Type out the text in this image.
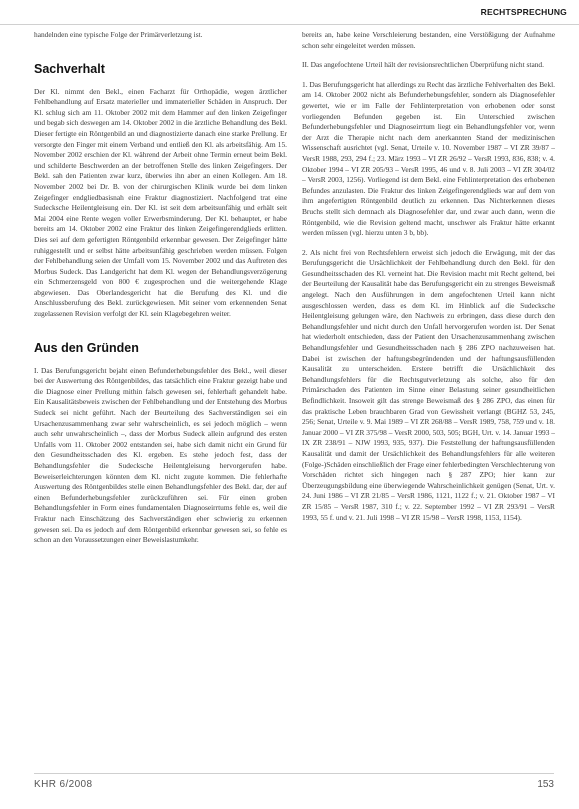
RECHTSPRECHUNG

handelnden eine typische Folge der Primärverletzung ist.

Sachverhalt

Der Kl. nimmt den Bekl., einen Facharzt für Orthopädie, wegen ärztlicher Fehlbehandlung auf Ersatz materieller und immaterieller Schäden in Anspruch. Der Kl. schlug sich am 11. Oktober 2002 mit dem Hammer auf den linken Zeigefinger und begab sich deswegen am 14. Oktober 2002 in die ärztliche Behandlung des Bekl. Dieser fertigte ein Röntgenbild an und diagnostizierte danach eine starke Prellung. Er versorgte den Finger mit einem Verband und entließ den Kl. als arbeitsfähig. Am 15. November 2002 erschien der Kl. während der Arbeit ohne Termin erneut beim Bekl. und schilderte Beschwerden an der betroffenen Stelle des linken Zeigefingers. Der Bekl. sah den Patienten zwar kurz, überwies ihn aber an einen Kollegen. Am 18. November 2002 bei Dr. B. von der chirurgischen Klinik wurde bei dem linken Zeigefinger endgliedbasisnah eine Fraktur diagnostiziert. Nachfolgend trat eine Sudecksche Heilentgleisung ein. Der Kl. ist seit dem arbeitsunfähig und erhält seit Mai 2004 eine Rente wegen voller Erwerbsminderung. Der Kl. behauptet, er habe bereits am 14. Oktober 2002 eine Fraktur des linken Zeigefingerendglieds erlitten. Dies sei auf dem gefertigten Röntgenbild erkennbar gewesen. Der Zeigefinger hätte ruhiggestellt und er selbst hätte arbeitsunfähig geschrieben werden müssen. Folgen der Fehlbehandlung seien der Umfall vom 15. November 2002 und das Auftreten des Morbus Sudeck. Das Landgericht hat dem Kl. wegen der Behandlungsverzögerung ein Schmerzensgeld von 800 € zugesprochen und die weitergehende Klage abgewiesen. Das Oberlandesgericht hat die Berufung des Kl. und die Anschlussberufung des Bekl. zurückgewiesen. Mit seiner vom erkennenden Senat zugelassenen Revision verfolgt der Kl. sein Klagebegehren weiter.

Aus den Gründen

I. Das Berufungsgericht bejaht einen Befunderhebungsfehler des Bekl., weil dieser bei der Auswertung des Röntgenbildes, das tatsächlich eine Fraktur gezeigt habe und die Diagnose einer Prellung mithin falsch gewesen sei, fehlerhaft gehandelt habe. Ein Kausalitätsbeweis zwischen der Fehlbehandlung und der Entstehung des Morbus Sudeck sei nicht geführt. Nach der Beurteilung des Sachverständigen sei ein Ursachenzusammenhang zwar sehr wahrscheinlich, es sei jedoch möglich – wenn auch sehr unwahrscheinlich –, dass der Morbus Sudeck allein aufgrund des ersten Unfalls vom 11. Oktober 2002 entstanden sei, habe sich damit nicht ein Grund für den Gesundheitsschaden des Kl. ergeben. Es stehe jedoch fest, dass der Behandlungsfehler die Sudecksche Heilentgleisung hervorgerufen habe. Beweiserleichterungen könnten dem Kl. nicht zugute kommen. Die fehlerhafte Auswertung des Röntgenbildes stelle einen Behandlungsfehler des Bekl. dar, der auf einen Befunderhebungsfehler zurückzuführen sei. Für einen groben Behandlungsfehler in Form eines fundamentalen Diagnoseirrtums fehle es, weil die Fraktur nach Einschätzung des Sachverständigen eher schwierig zu erkennen gewesen sei. Da es jedoch auf dem Röntgenbild erkennbar gewesen sei, so fehle es schon an den Voraussetzungen einer Beweislastumkehr.

bereits an, habe keine Verschleierung bestanden, eine Verstößigung der Aufnahme schon sehr eingeleitet werden müssen.

II. Das angefochtene Urteil hält der revisionsrechtlichen Überprüfung nicht stand.

1. Das Berufungsgericht hat allerdings zu Recht das ärztliche Fehlverhalten des Bekl. am 14. Oktober 2002 nicht als Befunderhebungsfehler, sondern als Diagnosefehler gewertet, wie er im Falle der Fehlinterpretation von erhobenen oder sonst vorliegenden Befunden gegeben ist. Ein Unterschied zwischen Befunderhebungsfehler und Diagnoseirrtum liegt ein Behandlungsfehler vor, wenn der Arzt die Therapie nicht nach dem anerkannten Stand der medizinischen Wissenschaft ausrichtet (vgl. Senat, Urteile v. 10. November 1987 – VI ZR 39/87 – VersR 1988, 293, 294 f.; 23. März 1993 – VI ZR 26/92 – VersR 1993, 836, 838; v. 4. Oktober 1994 – VI ZR 205/93 – VersR 1995, 46 und v. 8. Juli 2003 – VI ZR 304/02 – VersR 2003, 1256). Vorliegend ist dem Bekl. eine Fehlinterpretation des erhobenen Befundes anzulasten. Die Fraktur des linken Zeigefingerendglieds war auf dem von ihm angefertigten Röntgenbild deutlich zu erkennen. Das Nichterkennen dieses Bruchs stellt sich demnach als Diagnosefehler dar, und zwar auch dann, wenn die Röntgenbild, wie die Revision geltend macht, unschwer als Fraktur hätte erkannt werden müssen (vgl. hierzu unten 3 b, bb).

2. Als nicht frei von Rechtsfehlern erweist sich jedoch die Erwägung, mit der das Berufungsgericht die Ursächlichkeit der Fehlbehandlung durch den Bekl. für den Gesundheitsschaden des Kl. verneint hat. Die Revision macht mit Recht geltend, bei der Beurteilung der Kausalität habe das Berufungsgericht ein zu strenges Beweismaß angelegt. Nach den Ausführungen in dem angefochtenen Urteil kann nicht ausgeschlossen werden, dass es dem Kl. im Hinblick auf die Sudecksche Heilentgleisung gelungen wäre, den Nachweis zu erbringen, dass diese durch den Behandlungsfehler und nicht durch den Unfall hervorgerufen worden ist. Der Senat hat wiederholt entschieden, dass der Patient den Ursachenzusammenhang zwischen Behandlungsfehler und Gesundheitsschaden nach § 286 ZPO nachzuweisen hat. Dabei ist zwischen der haftungsbegründenden und der haftungsausfüllenden Kausalität zu unterscheiden. Erstere betrifft die Ursächlichkeit des Behandlungsfehlers für die Rechtsgutverletzung als solche, also für den Primärschaden des Patienten im Sinne einer Belastung seiner gesundheitlichen Befindlichkeit. Insoweit gilt das strenge Beweismaß des § 286 ZPO, das einen für das praktische Leben brauchbaren Grad von Gewissheit verlangt (BGHZ 53, 245, 256; Senat, Urteile v. 9. Mai 1989 – VI ZR 268/88 – VersR 1989, 758, 759 und v. 18. Januar 2000 – VI ZR 375/98 – VersR 2000, 503, 505; BGH, Urt. v. 14. Januar 1993 – IX ZR 238/91 – NJW 1993, 935, 937). Die Feststellung der haftungsausfüllenden Kausalität und damit der Ursächlichkeit des Behandlungsfehlers für alle weiteren (Folge-)Schäden einschließlich der Frage einer fehlerbedingten Verschlechterung von Vorschäden richtet sich hingegen nach § 287 ZPO; hier kann zur Überzeugungsbildung eine überwiegende Wahrscheinlichkeit genügen (Senat, Urt. v. 24. Juni 1986 – VI ZR 21/85 – VersR 1986, 1121, 1122 f.; v. 21. Oktober 1987 – VI ZR 15/85 – VersR 1987, 310 f.; v. 22. September 1992 – VI ZR 293/91 – VersR 1993, 55 f. und v. 21. Juli 1998 – VI ZR 15/98 – VersR 1998, 1153, 1154).

KHR 6/2008	153
